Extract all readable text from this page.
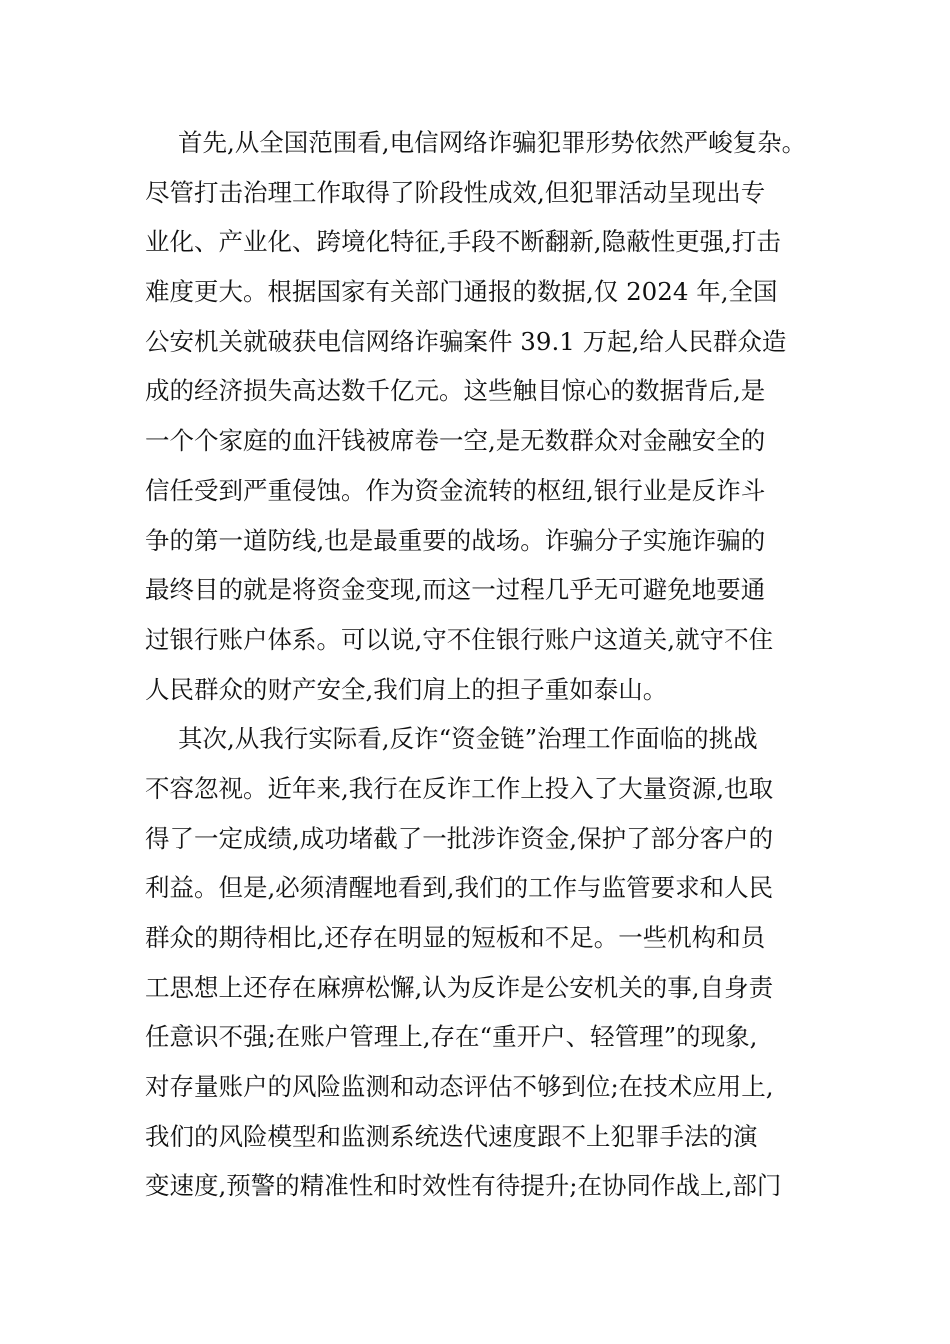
首先,从全国范围看,电信网络诈骗犯罪形势依然严峻复杂。
尽管打击治理工作取得了阶段性成效,但犯罪活动呈现出专
业化、产业化、跨境化特征,手段不断翻新,隐蔽性更强,打击
难度更大。根据国家有关部门通报的数据,仅 2024 年,全国
公安机关就破获电信网络诈骗案件 39.1 万起,给人民群众造
成的经济损失高达数千亿元。这些触目惊心的数据背后,是
一个个家庭的血汗钱被席卷一空,是无数群众对金融安全的
信任受到严重侵蚀。作为资金流转的枢纽,银行业是反诈斗
争的第一道防线,也是最重要的战场。诈骗分子实施诈骗的
最终目的就是将资金变现,而这一过程几乎无可避免地要通
过银行账户体系。可以说,守不住银行账户这道关,就守不住
人民群众的财产安全,我们肩上的担子重如泰山。
其次,从我行实际看,反诈“资金链”治理工作面临的挑战
不容忽视。近年来,我行在反诈工作上投入了大量资源,也取
得了一定成绩,成功堵截了一批涉诈资金,保护了部分客户的
利益。但是,必须清醒地看到,我们的工作与监管要求和人民
群众的期待相比,还存在明显的短板和不足。一些机构和员
工思想上还存在麻痹松懈,认为反诈是公安机关的事,自身责
任意识不强;在账户管理上,存在“重开户、轻管理”的现象,
对存量账户的风险监测和动态评估不够到位;在技术应用上,
我们的风险模型和监测系统迭代速度跟不上犯罪手法的演
变速度,预警的精准性和时效性有待提升;在协同作战上,部门
